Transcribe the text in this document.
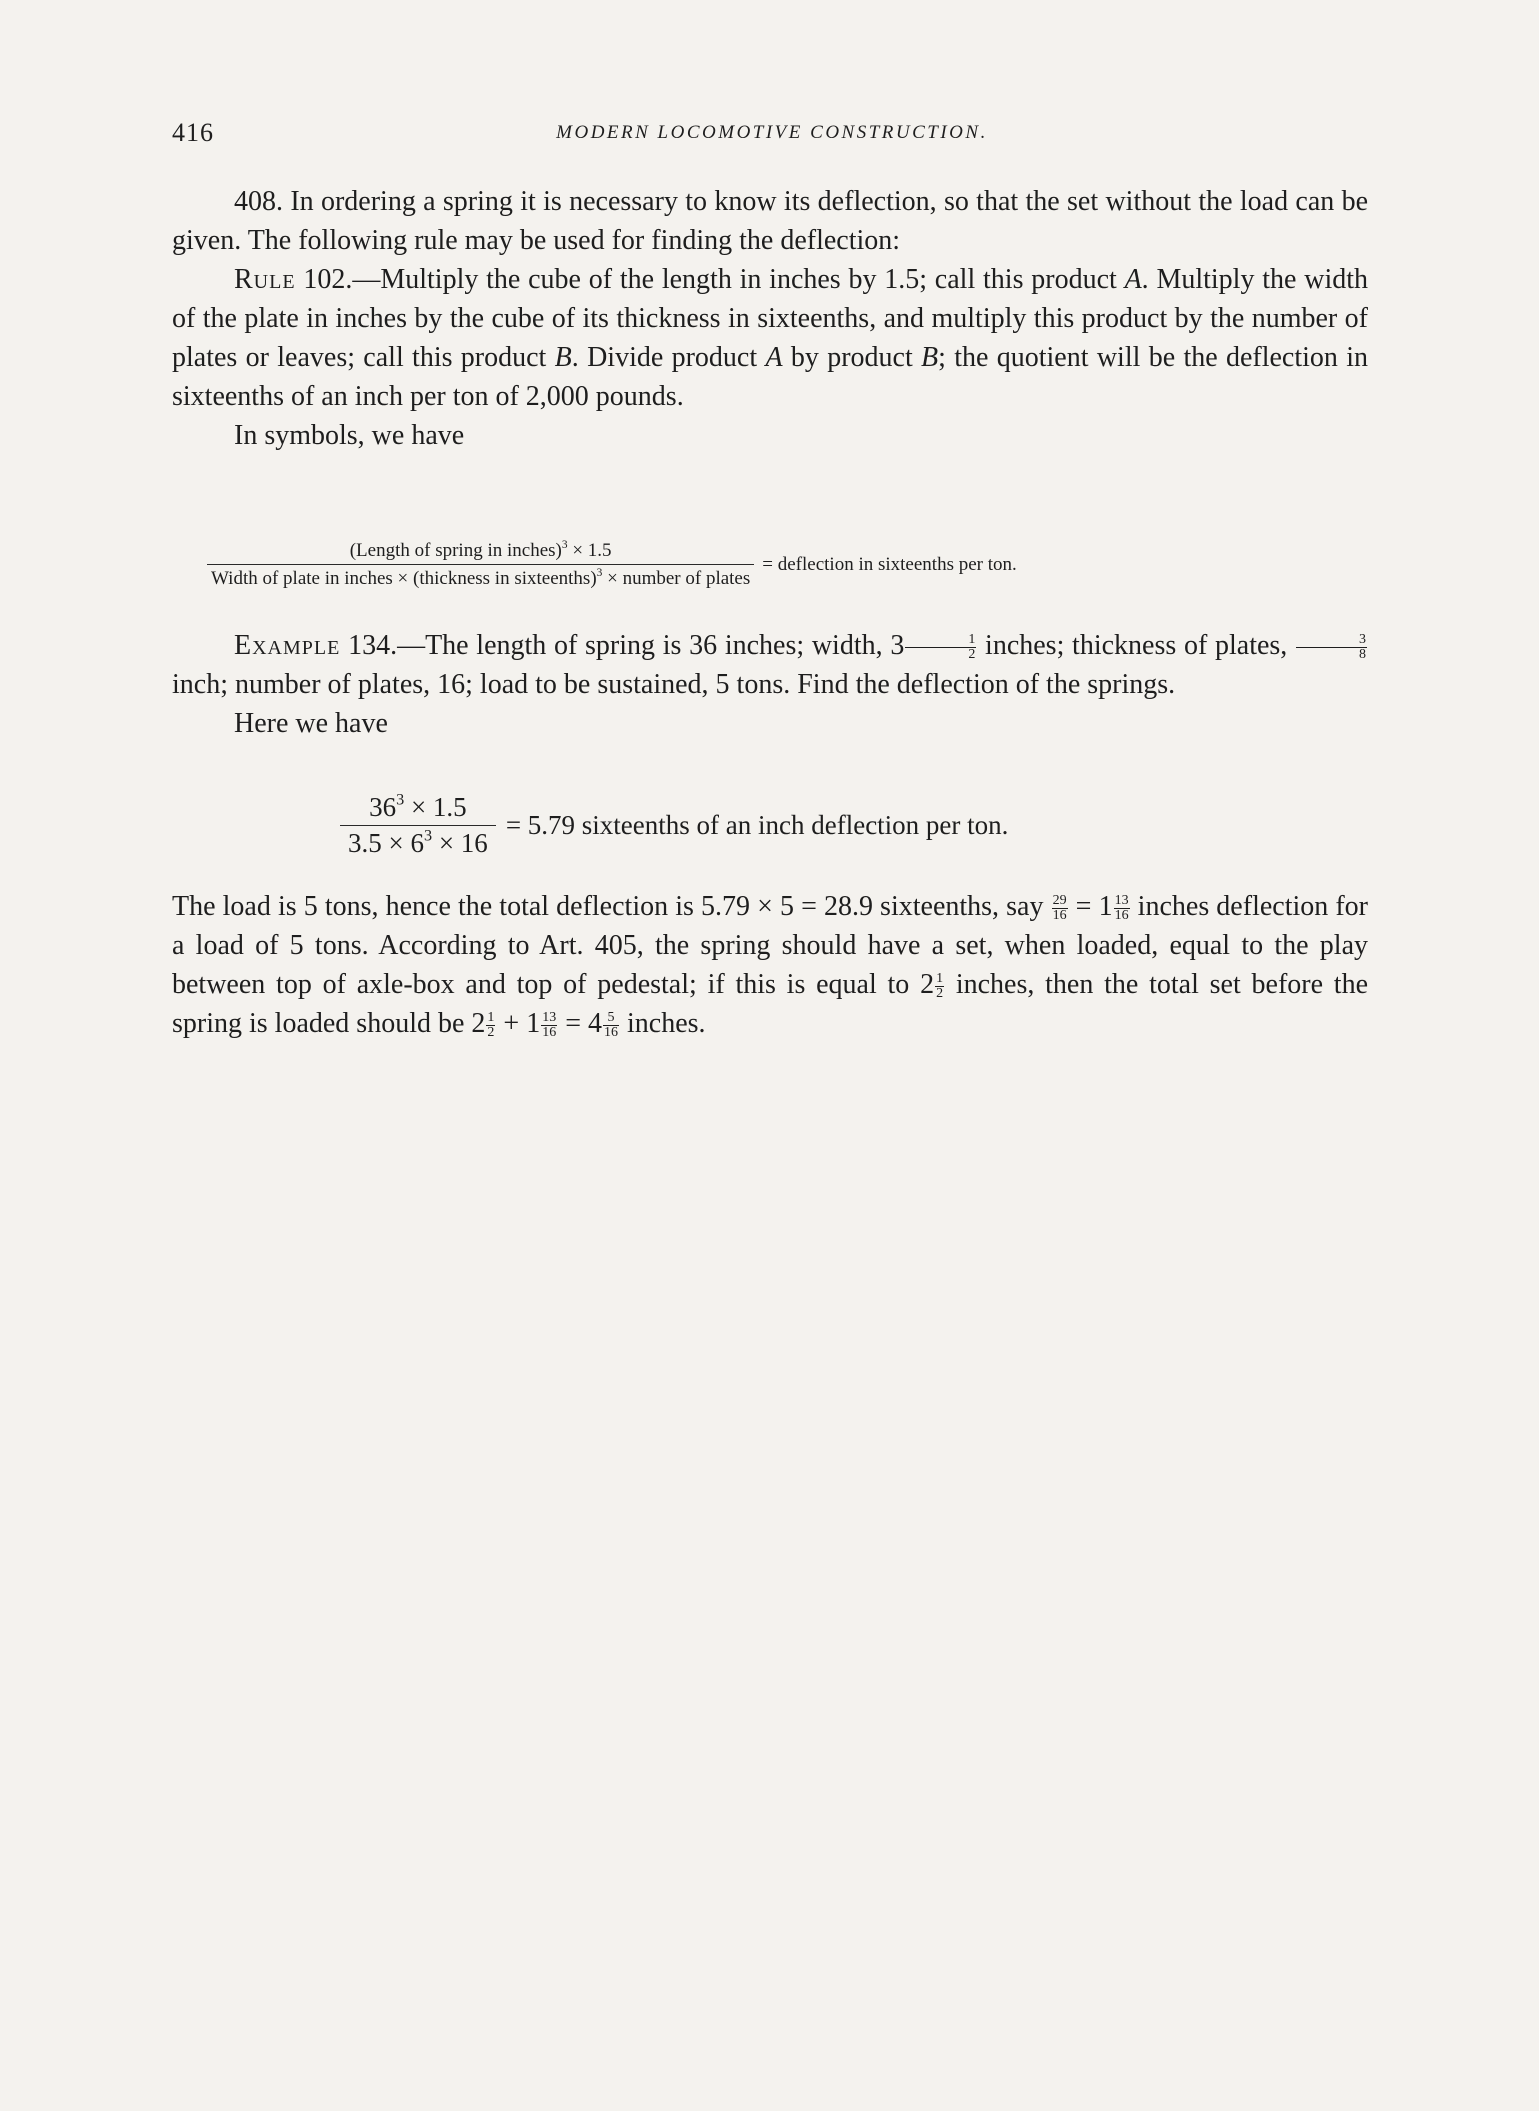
416	MODERN LOCOMOTIVE CONSTRUCTION.

408. In ordering a spring it is necessary to know its deflection, so that the set without the load can be given. The following rule may be used for finding the deflection:

Rule 102.—Multiply the cube of the length in inches by 1.5; call this product A. Multiply the width of the plate in inches by the cube of its thickness in sixteenths, and multiply this product by the number of plates or leaves; call this product B. Divide product A by product B; the quotient will be the deflection in sixteenths of an inch per ton of 2,000 pounds.

In symbols, we have

(Length of spring in inches)$^3$ × 1.5
Width of plate in inches × (thickness in sixteenths)$^3$ × number of plates
= deflection in sixteenths per ton.

Example 134.—The length of spring is 36 inches; width, $3 \frac{1}{2}$ inches; thickness of plates, $\frac{3}{8}$
inch; number of plates, 16; load to be sustained, 5 tons. Find the deflection of the springs.

Here we have

$\frac{36^3 \times 1.5}{3.5 \times 6^3 \times 16} = 5.79$ sixteenths of an inch deflection per ton.

The load is 5 tons, hence the total deflection is 5.79 × 5 = 28.9 sixteenths, say $\frac{29}{16} = 1 \frac{13}{16}$ inches deflection for a load of 5 tons. According to Art. 405, the spring should have a set, when loaded, equal to the play between top of axle-box and top of pedestal; if this is equal to $2 \frac{1}{2}$ inches, then the total set before the spring is loaded should be $2 \frac{1}{2} + 1 \frac{13}{16} = 4 \frac{5}{16}$ inches.
